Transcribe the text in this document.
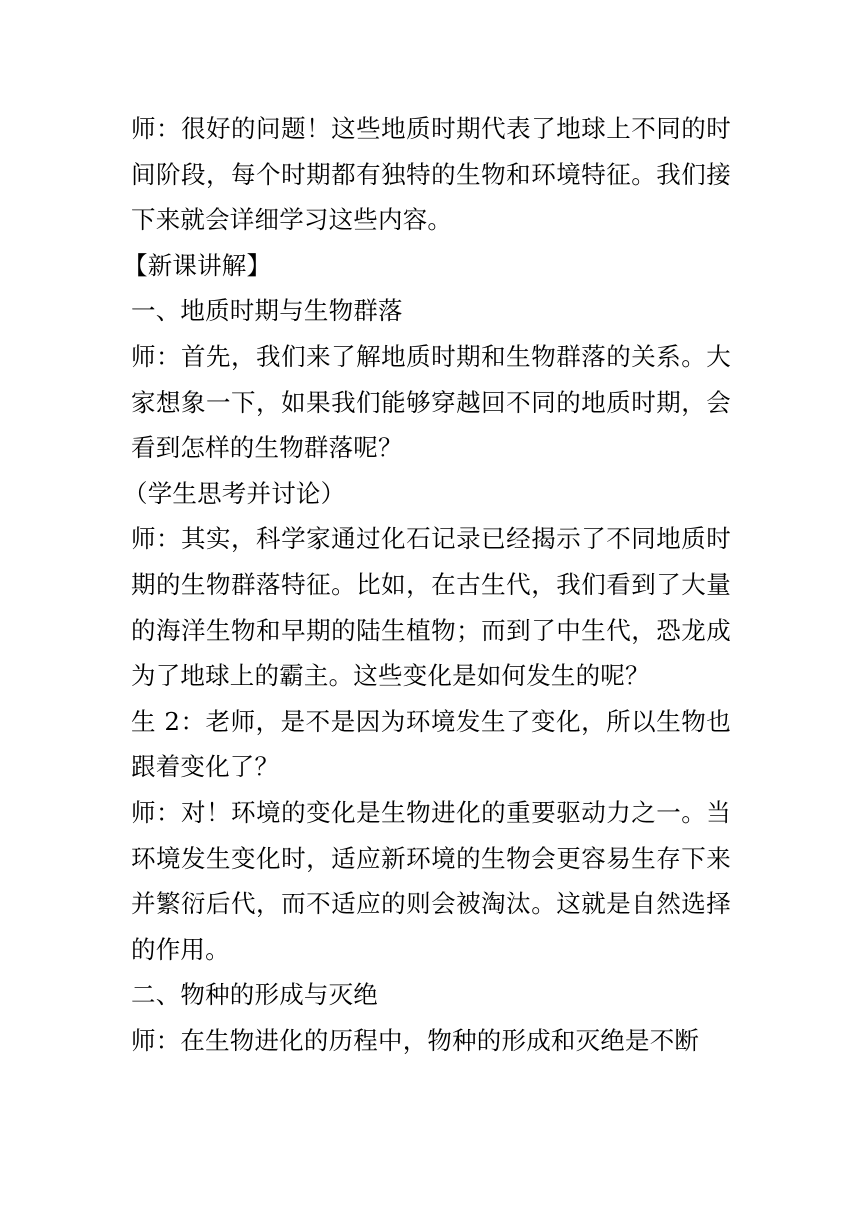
师：很好的问题！这些地质时期代表了地球上不同的时间阶段，每个时期都有独特的生物和环境特征。我们接下来就会详细学习这些内容。

【新课讲解】

一、地质时期与生物群落

师：首先，我们来了解地质时期和生物群落的关系。大家想象一下，如果我们能够穿越回不同的地质时期，会看到怎样的生物群落呢？

（学生思考并讨论）

师：其实，科学家通过化石记录已经揭示了不同地质时期的生物群落特征。比如，在古生代，我们看到了大量的海洋生物和早期的陆生植物；而到了中生代，恐龙成为了地球上的霸主。这些变化是如何发生的呢？

生 2：老师，是不是因为环境发生了变化，所以生物也跟着变化了？

师：对！环境的变化是生物进化的重要驱动力之一。当环境发生变化时，适应新环境的生物会更容易生存下来并繁衍后代，而不适应的则会被淘汰。这就是自然选择的作用。

二、物种的形成与灭绝

师：在生物进化的历程中，物种的形成和灭绝是不断
